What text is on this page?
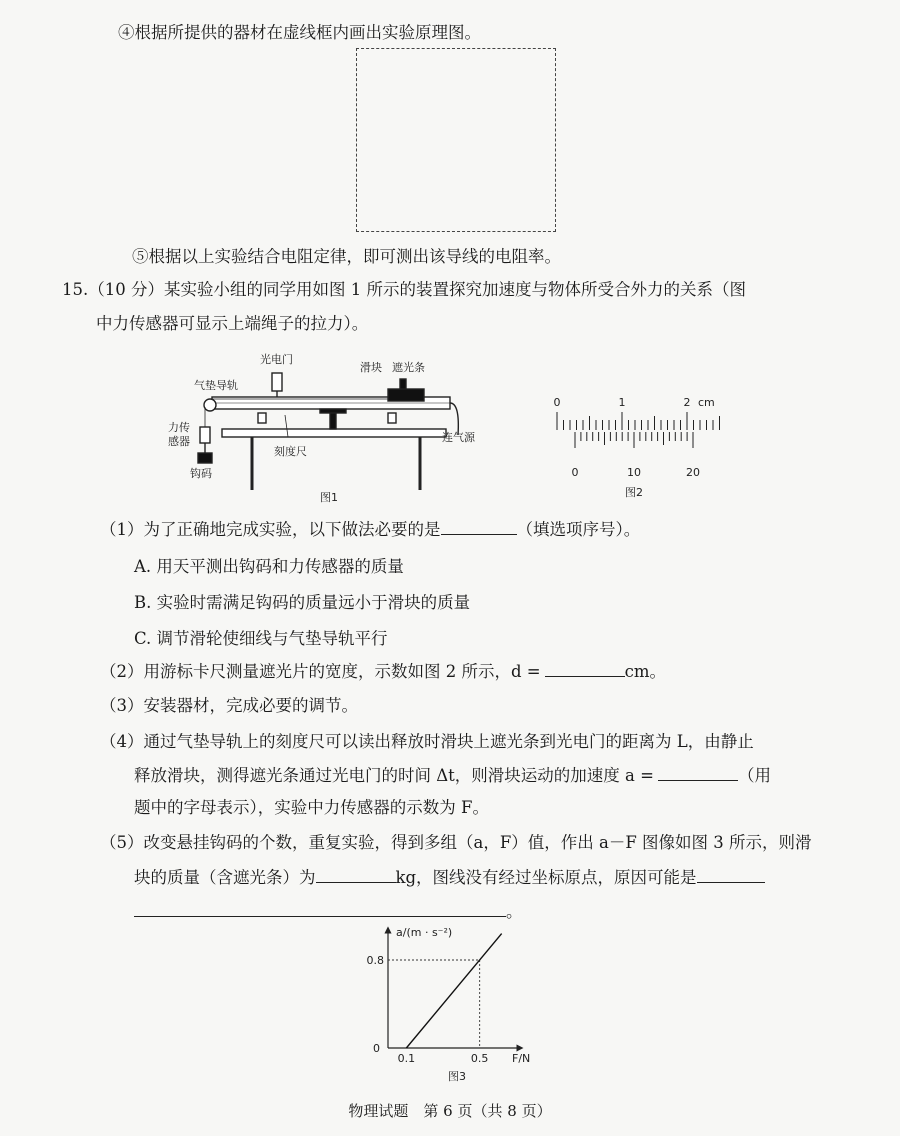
④根据所提供的器材在虚线框内画出实验原理图。
⑤根据以上实验结合电阻定律，即可测出该导线的电阻率。
15.（10 分）某实验小组的同学用如图 1 所示的装置探究加速度与物体所受合外力的关系（图
中力传感器可显示上端绳子的拉力）。
光电门
滑块 遮光条
气垫导轨
力传
感器
钩码
刻度尺
连气源
图1
0	1	2 cm
0	10	20
图2
（1）为了正确地完成实验，以下做法必要的是	（填选项序号）。
A. 用天平测出钩码和力传感器的质量
B. 实验时需满足钩码的质量远小于滑块的质量
C. 调节滑轮使细线与气垫导轨平行
（2）用游标卡尺测量遮光片的宽度，示数如图 2 所示，d =	cm。
（3）安装器材，完成必要的调节。
（4）通过气垫导轨上的刻度尺可以读出释放时滑块上遮光条到光电门的距离为 L，由静止
释放滑块，测得遮光条通过光电门的时间 Δt，则滑块运动的加速度 a =	（用
题中的字母表示），实验中力传感器的示数为 F。
（5）改变悬挂钩码的个数，重复实验，得到多组（a，F）值，作出 a－F 图像如图 3 所示，则滑
块的质量（含遮光条）为	kg，图线没有经过坐标原点，原因可能是
。
a/(m · s⁻²)
F/N
0
0.1	0.5
0.8
图3
物理试题　第 6 页（共 8 页）
